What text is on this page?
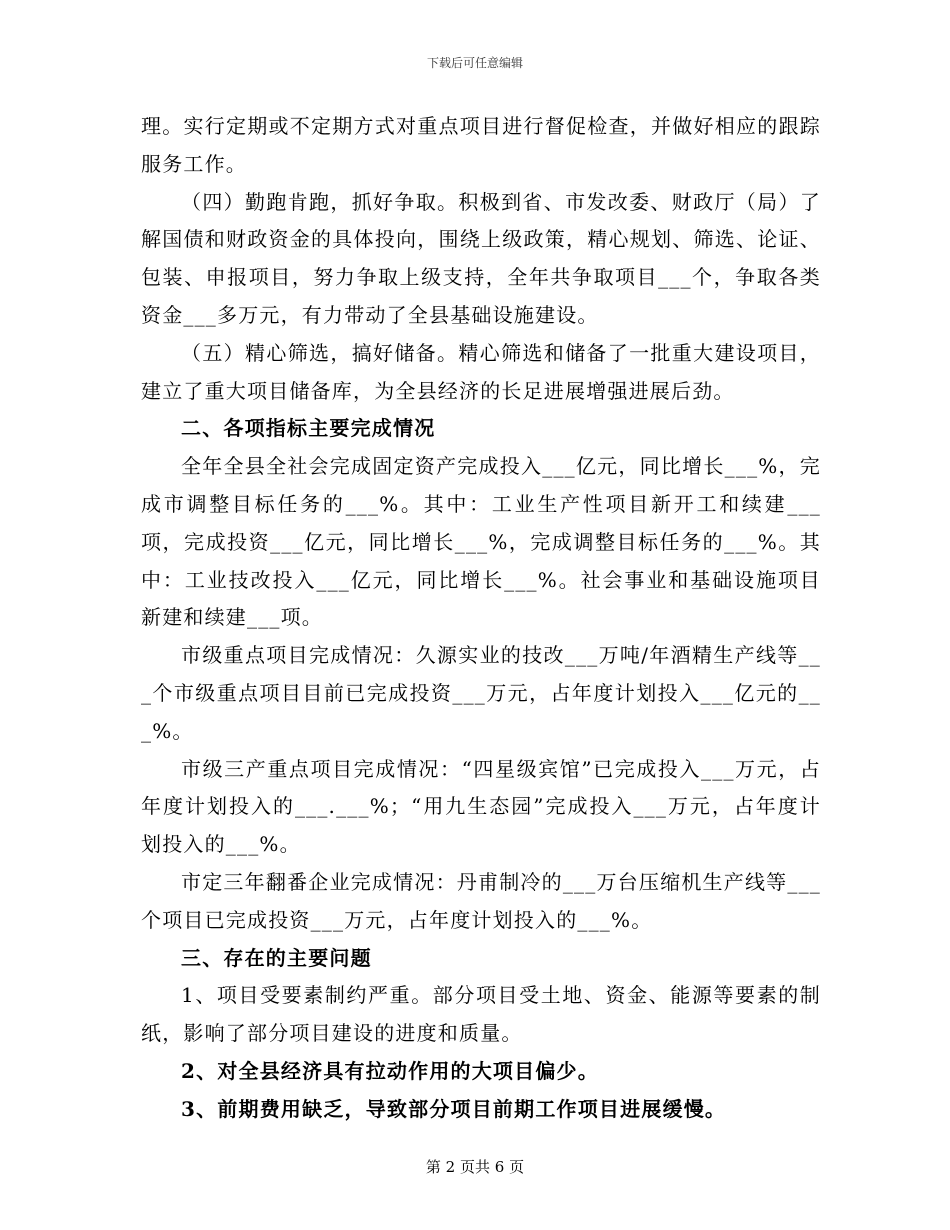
下载后可任意编辑

理。实行定期或不定期方式对重点项目进行督促检查，并做好相应的跟踪服务工作。

（四）勤跑肯跑，抓好争取。积极到省、市发改委、财政厅（局）了解国债和财政资金的具体投向，围绕上级政策，精心规划、筛选、论证、包装、申报项目，努力争取上级支持，全年共争取项目___个，争取各类资金___多万元，有力带动了全县基础设施建设。

（五）精心筛选，搞好储备。精心筛选和储备了一批重大建设项目，建立了重大项目储备库，为全县经济的长足进展增强进展后劲。

二、各项指标主要完成情况

全年全县全社会完成固定资产完成投入___亿元，同比增长___%，完成市调整目标任务的___%。其中：工业生产性项目新开工和续建___项，完成投资___亿元，同比增长___%，完成调整目标任务的___%。其中：工业技改投入___亿元，同比增长___%。社会事业和基础设施项目新建和续建___项。

市级重点项目完成情况：久源实业的技改___万吨/年酒精生产线等___个市级重点项目目前已完成投资___万元，占年度计划投入___亿元的___%。

市级三产重点项目完成情况：“四星级宾馆”已完成投入___万元，占年度计划投入的___.___%；“用九生态园”完成投入___万元，占年度计划投入的___%。

市定三年翻番企业完成情况：丹甫制冷的___万台压缩机生产线等___个项目已完成投资___万元，占年度计划投入的___%。

三、存在的主要问题

1、项目受要素制约严重。部分项目受土地、资金、能源等要素的制纸，影响了部分项目建设的进度和质量。

2、对全县经济具有拉动作用的大项目偏少。

3、前期费用缺乏，导致部分项目前期工作项目进展缓慢。

第 2 页共 6 页
